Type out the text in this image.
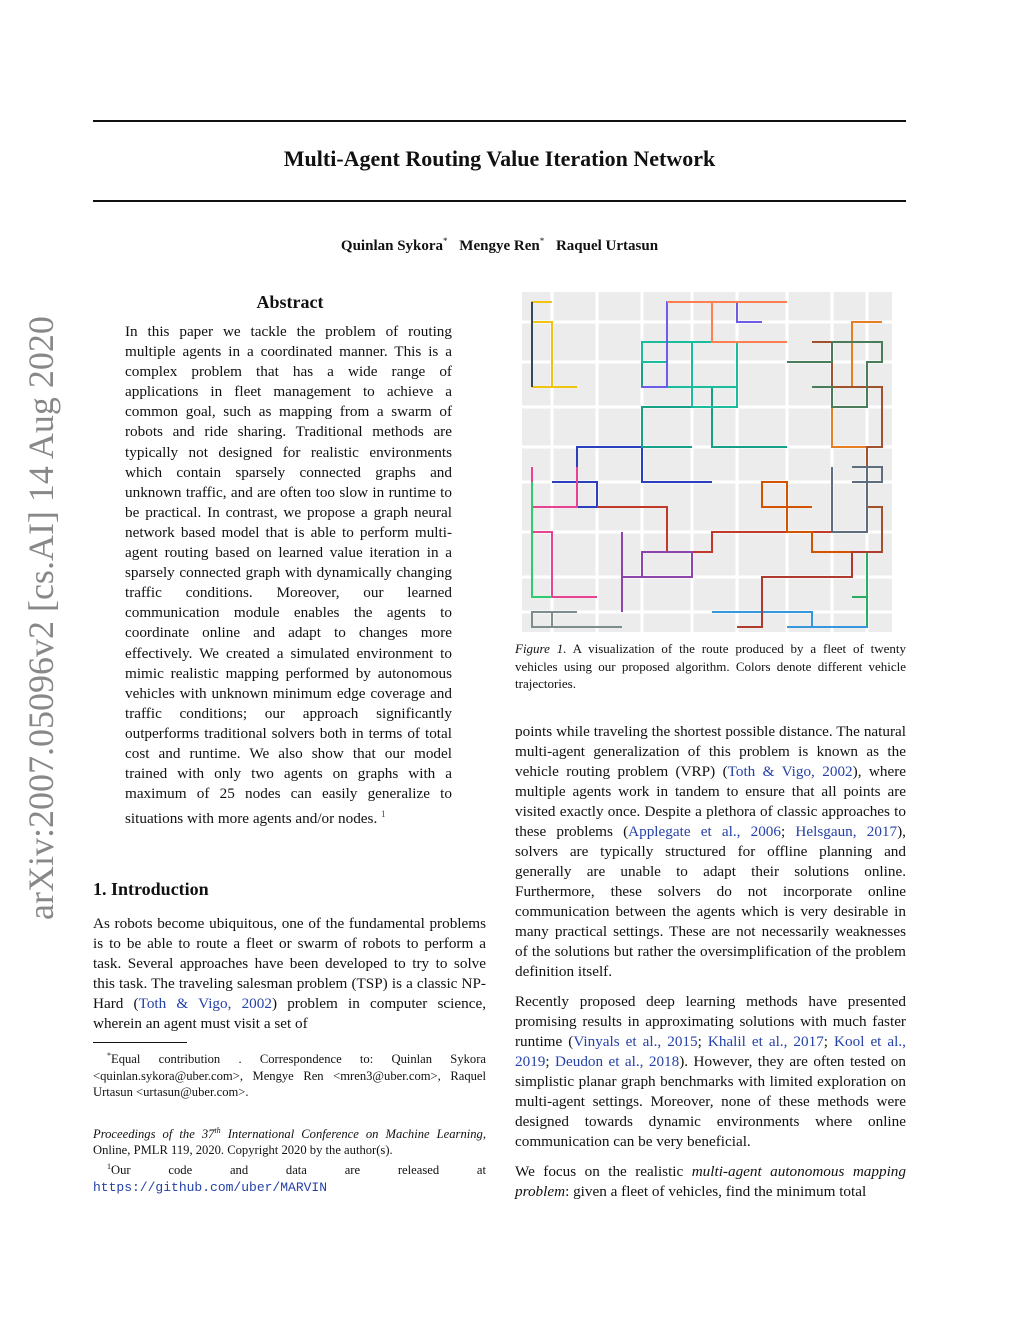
Multi-Agent Routing Value Iteration Network
Quinlan Sykora* Mengye Ren* Raquel Urtasun
arXiv:2007.05096v2 [cs.AI] 14 Aug 2020
Abstract
In this paper we tackle the problem of routing multiple agents in a coordinated manner. This is a complex problem that has a wide range of applications in fleet management to achieve a common goal, such as mapping from a swarm of robots and ride sharing. Traditional methods are typically not designed for realistic environments which contain sparsely connected graphs and unknown traffic, and are often too slow in runtime to be practical. In contrast, we propose a graph neural network based model that is able to perform multi-agent routing based on learned value iteration in a sparsely connected graph with dynamically changing traffic conditions. Moreover, our learned communication module enables the agents to coordinate online and adapt to changes more effectively. We created a simulated environment to mimic realistic mapping performed by autonomous vehicles with unknown minimum edge coverage and traffic conditions; our approach significantly outperforms traditional solvers both in terms of total cost and runtime. We also show that our model trained with only two agents on graphs with a maximum of 25 nodes can easily generalize to situations with more agents and/or nodes. $^1$
1. Introduction
As robots become ubiquitous, one of the fundamental problems is to be able to route a fleet or swarm of robots to perform a task. Several approaches have been developed to try to solve this task. The traveling salesman problem (TSP) is a classic NP-Hard (Toth & Vigo, 2002) problem in computer science, wherein an agent must visit a set of

*Equal contribution . Correspondence to: Quinlan Sykora <quinlan.sykora@uber.com>, Mengye Ren <mren3@uber.com>, Raquel Urtasun <urtasun@uber.com>.

Proceedings of the 37th International Conference on Machine Learning, Online, PMLR 119, 2020. Copyright 2020 by the author(s).

$^1$Our code and data are released at https://github.com/uber/MARVIN

Figure 1. A visualization of the route produced by a fleet of twenty vehicles using our proposed algorithm. Colors denote different vehicle trajectories.
points while traveling the shortest possible distance. The natural multi-agent generalization of this problem is known as the vehicle routing problem (VRP) (Toth & Vigo, 2002), where multiple agents work in tandem to ensure that all points are visited exactly once. Despite a plethora of classic approaches to these problems (Applegate et al., 2006; Helsgaun, 2017), solvers are typically structured for offline planning and generally are unable to adapt their solutions online. Furthermore, these solvers do not incorporate online communication between the agents which is very desirable in many practical settings. These are not necessarily weaknesses of the solutions but rather the oversimplification of the problem definition itself.
Recently proposed deep learning methods have presented promising results in approximating solutions with much faster runtime (Vinyals et al., 2015; Khalil et al., 2017; Kool et al., 2019; Deudon et al., 2018). However, they are often tested on simplistic planar graph benchmarks with limited exploration on multi-agent settings. Moreover, none of these methods were designed towards dynamic environments where online communication can be very beneficial.
We focus on the realistic multi-agent autonomous mapping problem: given a fleet of vehicles, find the minimum total
